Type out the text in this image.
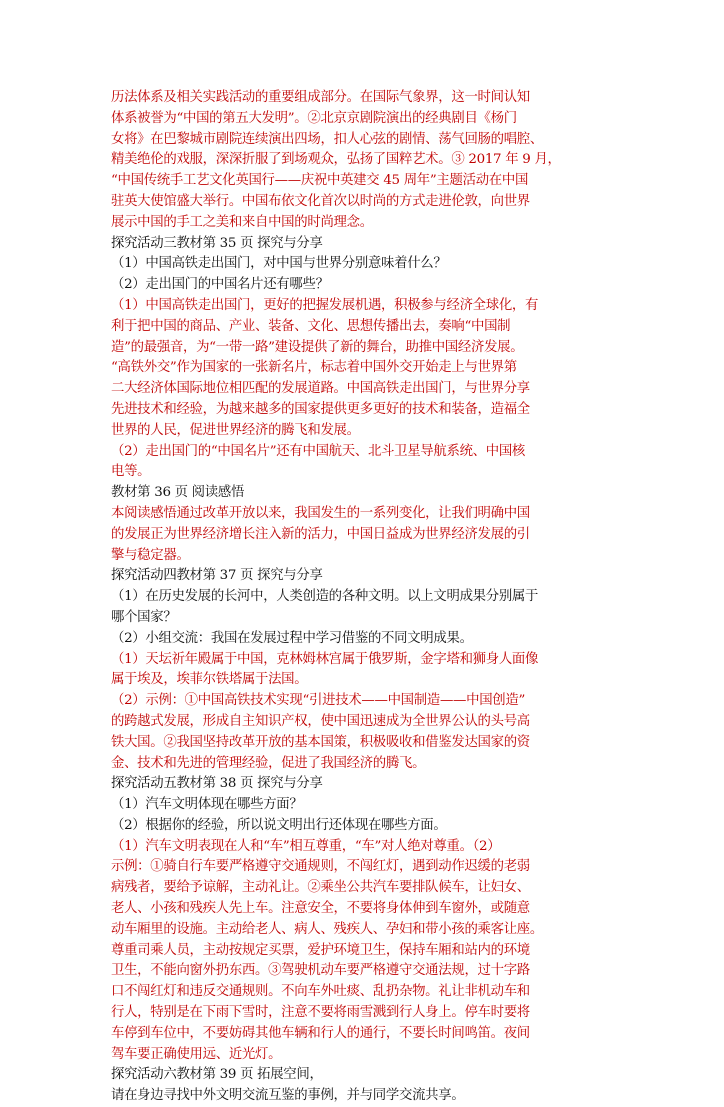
历法体系及相关实践活动的重要组成部分。在国际气象界，这一时间认知
体系被誉为“中国的第五大发明”。②北京京剧院演出的经典剧目《杨门
女将》在巴黎城市剧院连续演出四场，扣人心弦的剧情、荡气回肠的唱腔、
精美绝伦的戏服，深深折服了到场观众，弘扬了国粹艺术。③ 2017 年 9 月，
“中国传统手工艺文化英国行——庆祝中英建交 45 周年”主题活动在中国
驻英大使馆盛大举行。中国布依文化首次以时尚的方式走进伦敦，向世界
展示中国的手工之美和来自中国的时尚理念。
探究活动三教材第 35 页 探究与分享
（1）中国高铁走出国门，对中国与世界分别意味着什么？
（2）走出国门的中国名片还有哪些？
（1）中国高铁走出国门，更好的把握发展机遇，积极参与经济全球化，有
利于把中国的商品、产业、装备、文化、思想传播出去，奏响“中国制
造”的最强音，为“一带一路”建设提供了新的舞台，助推中国经济发展。
“高铁外交”作为国家的一张新名片，标志着中国外交开始走上与世界第
二大经济体国际地位相匹配的发展道路。中国高铁走出国门，与世界分享
先进技术和经验，为越来越多的国家提供更多更好的技术和装备，造福全
世界的人民，促进世界经济的腾飞和发展。
（2）走出国门的“中国名片”还有中国航天、北斗卫星导航系统、中国核
电等。
教材第 36 页 阅读感悟
本阅读感悟通过改革开放以来，我国发生的一系列变化，让我们明确中国
的发展正为世界经济增长注入新的活力，中国日益成为世界经济发展的引
擎与稳定器。
探究活动四教材第 37 页 探究与分享
（1）在历史发展的长河中，人类创造的各种文明。以上文明成果分别属于
哪个国家？
（2）小组交流：我国在发展过程中学习借鉴的不同文明成果。
（1）天坛祈年殿属于中国，克林姆林宫属于俄罗斯，金字塔和狮身人面像
属于埃及，埃菲尔铁塔属于法国。
（2）示例：①中国高铁技术实现“引进技术——中国制造——中国创造”
的跨越式发展，形成自主知识产权，使中国迅速成为全世界公认的头号高
铁大国。②我国坚持改革开放的基本国策，积极吸收和借鉴发达国家的资
金、技术和先进的管理经验，促进了我国经济的腾飞。
探究活动五教材第 38 页 探究与分享
（1）汽车文明体现在哪些方面？
（2）根据你的经验，所以说文明出行还体现在哪些方面。
（1）汽车文明表现在人和“车”相互尊重，“车”对人绝对尊重。（2）
示例：①骑自行车要严格遵守交通规则，不闯红灯，遇到动作迟缓的老弱
病残者，要给予谅解，主动礼让。②乘坐公共汽车要排队候车，让妇女、
老人、小孩和残疾人先上车。注意安全，不要将身体伸到车窗外，或随意
动车厢里的设施。主动给老人、病人、残疾人、孕妇和带小孩的乘客让座。
尊重司乘人员，主动按规定买票，爱护环境卫生，保持车厢和站内的环境
卫生，不能向窗外扔东西。③驾驶机动车要严格遵守交通法规，过十字路
口不闯红灯和违反交通规则。不向车外吐痰、乱扔杂物。礼让非机动车和
行人，特别是在下雨下雪时，注意不要将雨雪溅到行人身上。停车时要将
车停到车位中，不要妨碍其他车辆和行人的通行，不要长时间鸣笛。夜间
驾车要正确使用远、近光灯。
探究活动六教材第 39 页 拓展空间，
请在身边寻找中外文明交流互鉴的事例，并与同学交流共享。
